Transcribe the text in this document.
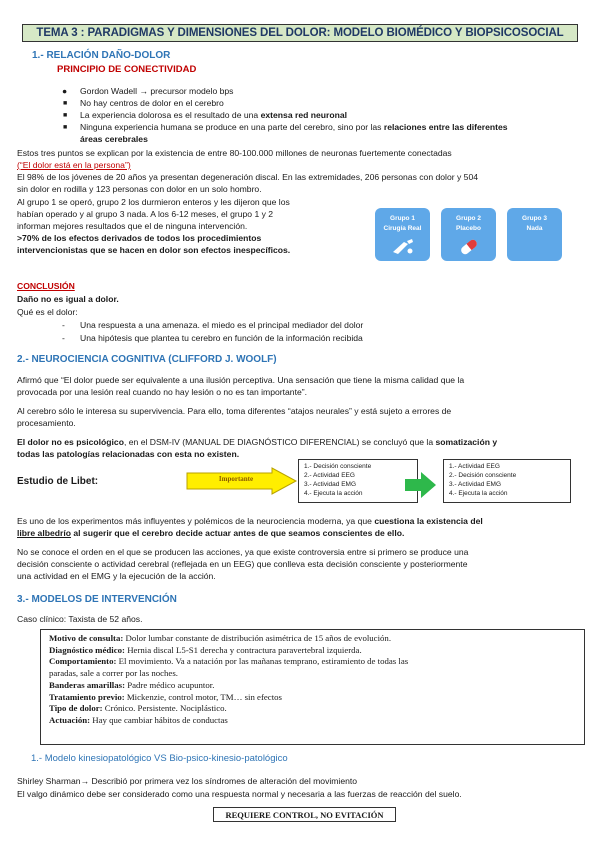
TEMA 3 : PARADIGMAS Y DIMENSIONES DEL DOLOR: MODELO BIOMÉDICO Y BIOPSICOSOCIAL
1.- RELACIÓN DAÑO-DOLOR
PRINCIPIO DE CONECTIVIDAD
● Gordon Wadell → precursor modelo bps
■ No hay centros de dolor en el cerebro
■ La experiencia dolorosa es el resultado de una extensa red neuronal
■ Ninguna experiencia humana se produce en una parte del cerebro, sino por las relaciones entre las diferentes
áreas cerebrales
Estos tres puntos se explican por la existencia de entre 80-100.000 millones de neuronas fuertemente conectadas
(“El dolor está en la persona”)
El 98% de los jóvenes de 20 años ya presentan degeneración discal. En las extremidades, 206 personas con dolor y 504
sin dolor en rodilla y 123 personas con dolor en un solo hombro.
Al grupo 1 se operó, grupo 2 los durmieron enteros y les dijeron que los
habían operado y al grupo 3 nada. A los 6-12 meses, el grupo 1 y 2
informan mejores resultados que el de ninguna intervención.
>70% de los efectos derivados de todos los procedimientos
intervencionistas que se hacen en dolor son efectos inespecíficos.
Grupo 1
Cirugía Real
Grupo 2
Placebo
Grupo 3
Nada
CONCLUSIÓN
Daño no es igual a dolor.
Qué es el dolor:
- Una respuesta a una amenaza. el miedo es el principal mediador del dolor
- Una hipótesis que plantea tu cerebro en función de la información recibida
2.- NEUROCIENCIA COGNITIVA (CLIFFORD J. WOOLF)
Afirmó que “El dolor puede ser equivalente a una ilusión perceptiva. Una sensación que tiene la misma calidad que la
provocada por una lesión real cuando no hay lesión o no es tan importante”.
Al cerebro sólo le interesa su supervivencia. Para ello, toma diferentes “atajos neurales” y está sujeto a errores de
procesamiento.
El dolor no es psicológico, en el DSM-IV (MANUAL DE DIAGNÓSTICO DIFERENCIAL) se concluyó que la somatización y
todas las patologías relacionadas con esta no existen.
Estudio de Libet:	Importante
1.- Decisión consciente
2.- Actividad EEG
3.- Actividad EMG
4.- Ejecuta la acción
1.- Actividad EEG
2.- Decisión consciente
3.- Actividad EMG
4.- Ejecuta la acción
Es uno de los experimentos más influyentes y polémicos de la neurociencia moderna, ya que cuestiona la existencia del
libre albedrío al sugerir que el cerebro decide actuar antes de que seamos conscientes de ello.
No se conoce el orden en el que se producen las acciones, ya que existe controversia entre si primero se produce una
decisión consciente o actividad cerebral (reflejada en un EEG) que conlleva esta decisión consciente y posteriormente
una actividad en el EMG y la ejecución de la acción.
3.- MODELOS DE INTERVENCIÓN
Caso clínico: Taxista de 52 años.
Motivo de consulta: Dolor lumbar constante de distribución asimétrica de 15 años de evolución.
Diagnóstico médico: Hernia discal L5-S1 derecha y contractura paravertebral izquierda.
Comportamiento: El movimiento. Va a natación por las mañanas temprano, estiramiento de todas las
paradas, sale a correr por las noches.
Banderas amarillas: Padre médico acupuntor.
Tratamiento previo: Mickenzie, control motor, TM… sin efectos
Tipo de dolor: Crónico. Persistente. Nociplástico.
Actuación: Hay que cambiar hábitos de conductas
1.- Modelo kinesiopatológico VS Bio-psico-kinesio-patológico
Shirley Sharman→ Describió por primera vez los síndromes de alteración del movimiento
El valgo dinámico debe ser considerado como una respuesta normal y necesaria a las fuerzas de reacción del suelo.
REQUIERE CONTROL, NO EVITACIÓN
